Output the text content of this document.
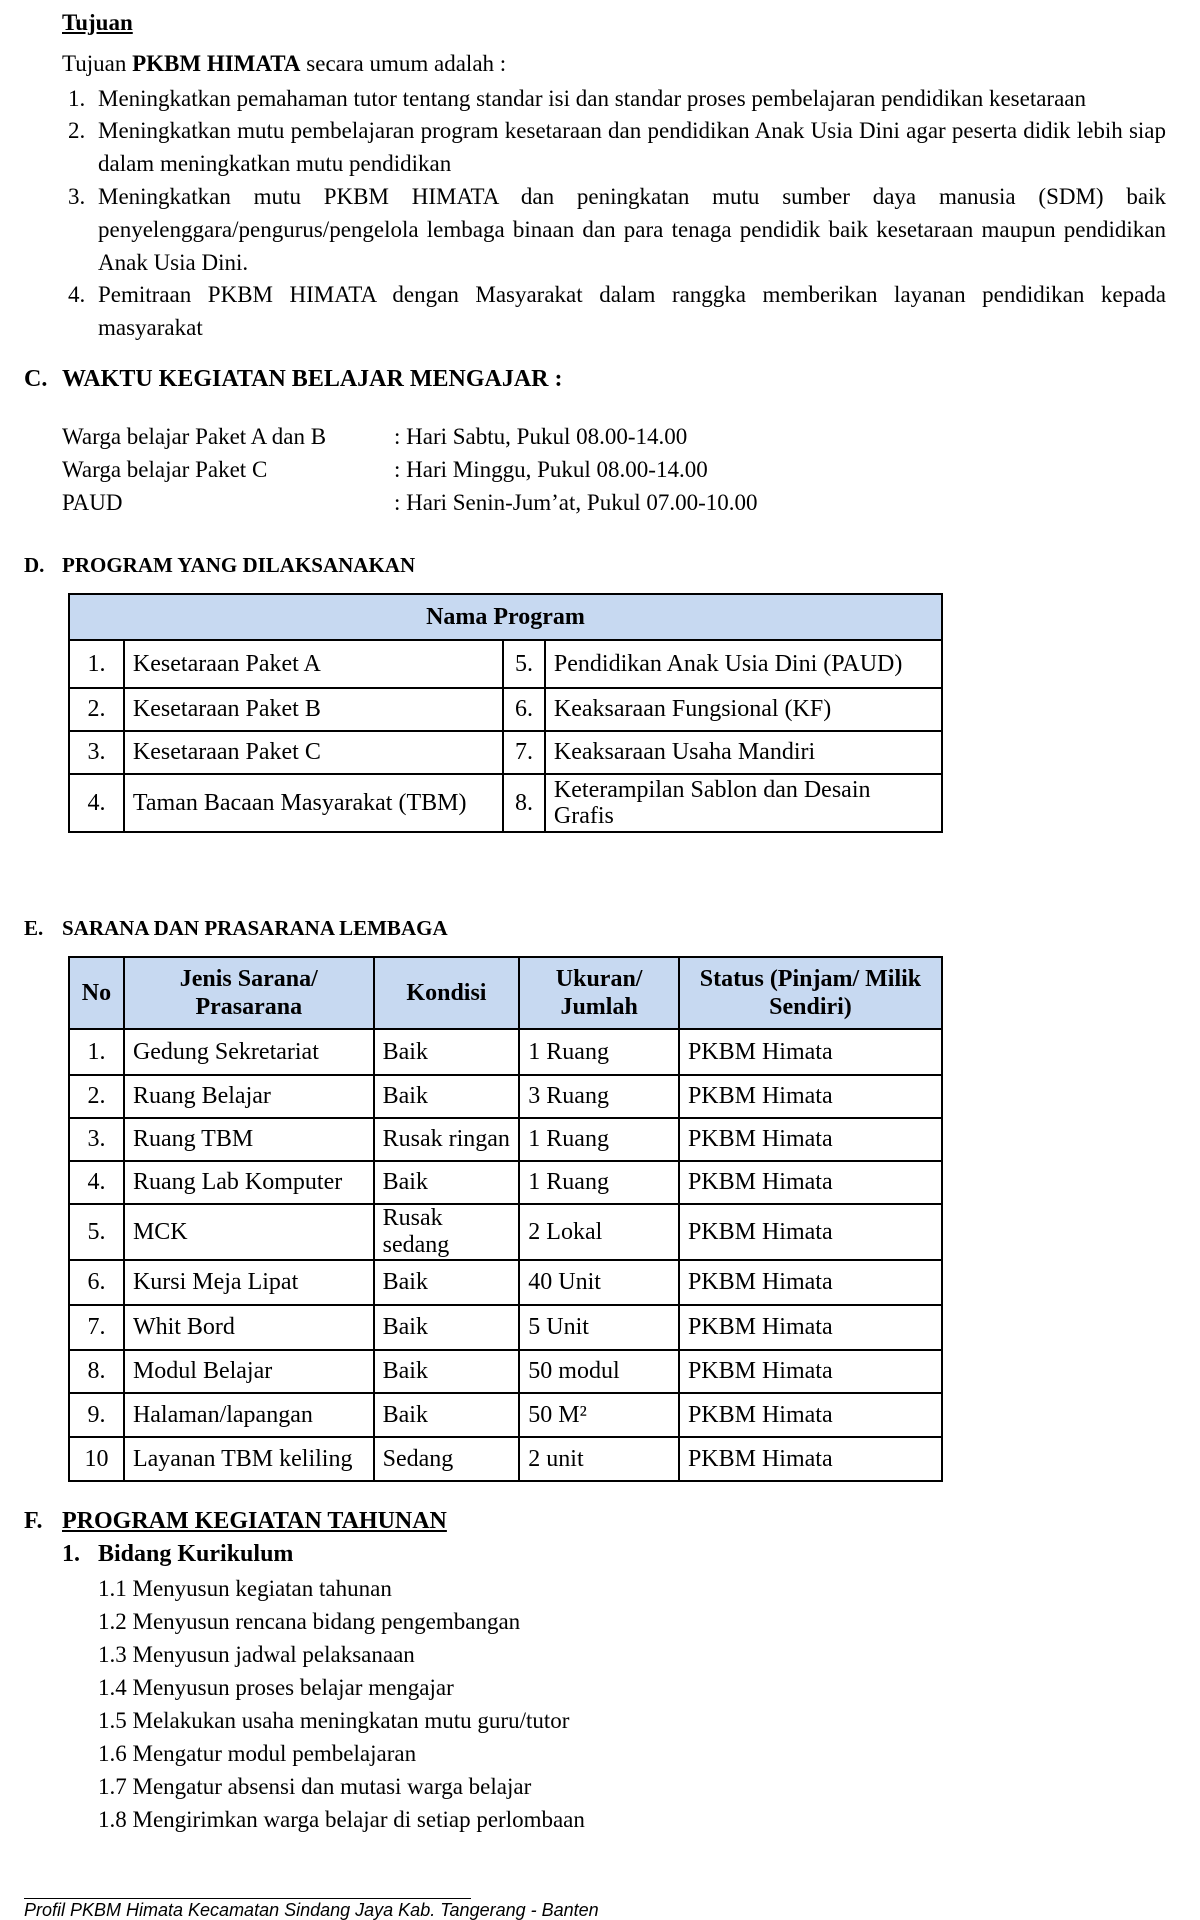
Tujuan
Tujuan PKBM HIMATA secara umum adalah :
1. Meningkatkan pemahaman tutor tentang standar isi dan standar proses pembelajaran pendidikan kesetaraan
2. Meningkatkan mutu pembelajaran program kesetaraan dan pendidikan Anak Usia Dini agar peserta didik lebih siap dalam meningkatkan mutu pendidikan
3. Meningkatkan mutu PKBM HIMATA dan peningkatan mutu sumber daya manusia (SDM) baik penyelenggara/pengurus/pengelola lembaga binaan dan para tenaga pendidik baik kesetaraan maupun pendidikan Anak Usia Dini.
4. Pemitraan PKBM HIMATA dengan Masyarakat dalam ranggka memberikan layanan pendidikan kepada masyarakat
C. WAKTU KEGIATAN BELAJAR MENGAJAR :
Warga belajar Paket A dan B	: Hari Sabtu, Pukul 08.00-14.00
Warga belajar Paket C	: Hari Minggu, Pukul 08.00-14.00
PAUD	: Hari Senin-Jum’at, Pukul 07.00-10.00
D. PROGRAM YANG DILAKSANAKAN
Nama Program			
1.	Kesetaraan Paket A	5.	Pendidikan Anak Usia Dini (PAUD)
2.	Kesetaraan Paket B	6.	Keaksaraan Fungsional (KF)
3.	Kesetaraan Paket C	7.	Keaksaraan Usaha Mandiri
4.	Taman Bacaan Masyarakat (TBM)	8.	Keterampilan Sablon dan Desain Grafis
E. SARANA DAN PRASARANA LEMBAGA
No	Jenis Sarana/ Prasarana	Kondisi	Ukuran/ Jumlah	Status (Pinjam/ Milik Sendiri)
1.	Gedung Sekretariat	Baik	1 Ruang	PKBM Himata
2.	Ruang Belajar	Baik	3 Ruang	PKBM Himata
3.	Ruang TBM	Rusak ringan	1 Ruang	PKBM Himata
4.	Ruang Lab Komputer	Baik	1 Ruang	PKBM Himata
5.	MCK	Rusak sedang	2 Lokal	PKBM Himata
6.	Kursi Meja Lipat	Baik	40 Unit	PKBM Himata
7.	Whit Bord	Baik	5 Unit	PKBM Himata
8.	Modul Belajar	Baik	50 modul	PKBM Himata
9.	Halaman/lapangan	Baik	50 M²	PKBM Himata
10	Layanan TBM keliling	Sedang	2 unit	PKBM Himata
F. PROGRAM KEGIATAN TAHUNAN
1. Bidang Kurikulum
1.1 Menyusun kegiatan tahunan
1.2 Menyusun rencana bidang pengembangan
1.3 Menyusun jadwal pelaksanaan
1.4 Menyusun proses belajar mengajar
1.5 Melakukan usaha meningkatan mutu guru/tutor
1.6 Mengatur modul pembelajaran
1.7 Mengatur absensi dan mutasi warga belajar
1.8 Mengirimkan warga belajar di setiap perlombaan
Profil PKBM Himata Kecamatan Sindang Jaya Kab. Tangerang - Banten
